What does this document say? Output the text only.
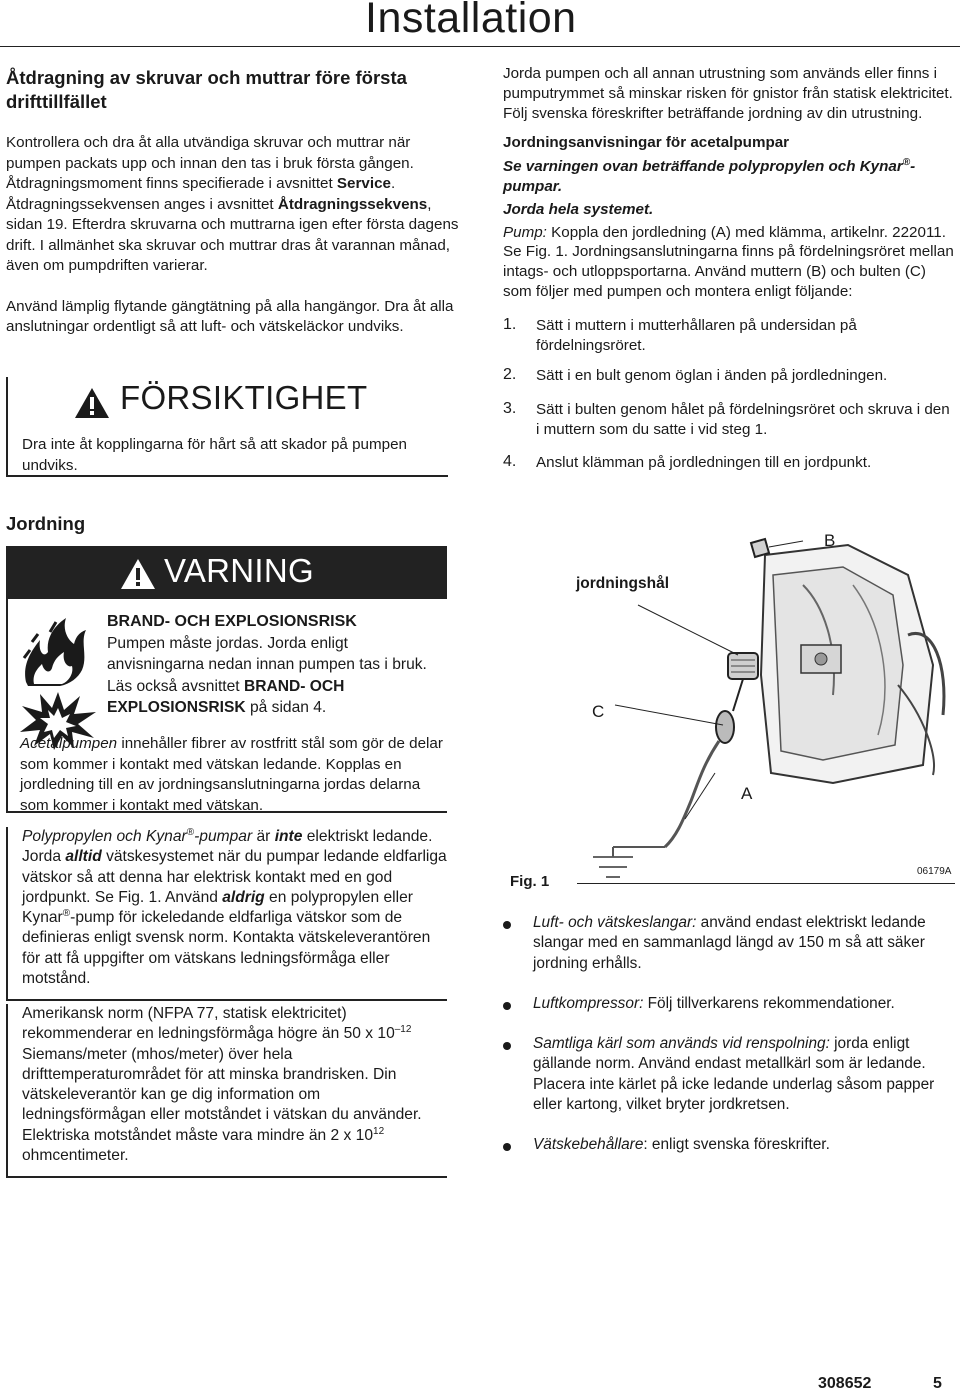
Installation
Åtdragning av skruvar och muttrar före första drifttillfället

Kontrollera och dra åt alla utvändiga skruvar och muttrar när pumpen packats upp och innan den tas i bruk första gången. Åtdragningsmoment finns specifierade i avsnittet Service. Åtdragningssekvensen anges i avsnittet Åtdragningssekvens, sidan 19. Efterdra skruvarna och muttrarna igen efter första dagens drift. I allmänhet ska skruvar och muttrar dras åt varannan månad, även om pumpdriften varierar.

Använd lämplig flytande gängtätning på alla hangängor. Dra åt alla anslutningar ordentligt så att luft- och vätskeläckor undviks.

FÖRSIKTIGHET

Dra inte åt kopplingarna för hårt så att skador på pumpen undviks.

Jordning
VARNING

BRAND- OCH EXPLOSIONSRISK

Pumpen måste jordas. Jorda enligt anvisningarna nedan innan pumpen tas i bruk. Läs också avsnittet BRAND- OCH EXPLOSIONSRISK på sidan 4.

Acetalpumpen innehåller fibrer av rostfritt stål som gör de delar som kommer i kontakt med vätskan ledande. Kopplas en jordledning till en av jordningsanslutningarna jordas delarna som kommer i kontakt med vätskan.

Polypropylen och Kynar®-pumpar är inte elektriskt ledande. Jorda alltid vätskesystemet när du pumpar ledande eldfarliga vätskor så att denna har elektrisk kontakt med en god jordpunkt. Se Fig. 1. Använd aldrig en polypropylen eller Kynar®-pump för ickeledande eldfarliga vätskor som de definieras enligt svensk norm. Kontakta vätskeleverantören för att få uppgifter om vätskans ledningsförmåga eller motstånd.

Amerikansk norm (NFPA 77, statisk elektricitet) rekommenderar en ledningsförmåga högre än 50 x $10^{-12}$ Siemans/meter (mhos/meter) över hela drifttemperaturområdet för att minska brandrisken. Din vätskeleverantör kan ge dig information om ledningsförmågan eller motståndet i vätskan du använder. Elektriska motståndet måste vara mindre än 2 x $10^{12}$ ohmcentimeter.

Jorda pumpen och all annan utrustning som används eller finns i pumputrymmet så minskar risken för gnistor från statisk elektricitet. Följ svenska föreskrifter beträffande jordning av din utrustning.

Jordningsanvisningar för acetalpumpar

Se varningen ovan beträffande polypropylen och Kynar®-pumpar.

Jorda hela systemet.

Pump: Koppla den jordledning (A) med klämma, artikelnr. 222011. Se Fig. 1. Jordningsanslutningarna finns på fördelningsröret mellan intags- och utloppsportarna. Använd muttern (B) och bulten (C) som följer med pumpen och montera enligt följande:

1. Sätt i muttern i mutterhållaren på undersidan på fördelningsröret.

2. Sätt i en bult genom öglan i änden på jordledningen.

3. Sätt i bulten genom hålet på fördelningsröret och skruva i den i muttern som du satte i vid steg 1.

4. Anslut klämman på jordledningen till en jordpunkt.

B
jordningshål
C
A
Fig. 1
06179A

Luft- och vätskeslangar: använd endast elektriskt ledande slangar med en sammanlagd längd av 150 m så att säker jordning erhålls.

Luftkompressor: Följ tillverkarens rekommendationer.

Samtliga kärl som används vid renspolning: jorda enligt gällande norm. Använd endast metallkärl som är ledande. Placera inte kärlet på icke ledande underlag såsom papper eller kartong, vilket bryter jordkretsen.

Vätskebehållare: enligt svenska föreskrifter.

308652	5
